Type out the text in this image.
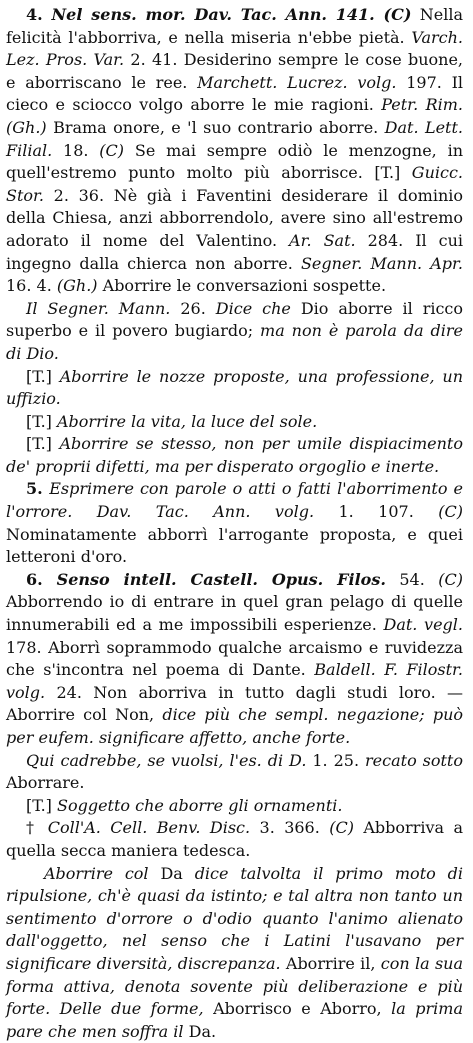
4. Nel sens. mor. Dav. Tac. Ann. 141. (C) Nella felicità l'abborriva, e nella miseria n'ebbe pietà. Varch. Lez. Pros. Var. 2. 41. Desiderino sempre le cose buone, e aborriscano le ree. Marchett. Lucrez. volg. 197. Il cieco e sciocco volgo aborre le mie ragioni. Petr. Rim. (Gh.) Brama onore, e 'l suo contrario aborre. Dat. Lett. Filial. 18. (C) Se mai sempre odiò le menzogne, in quell'estremo punto molto più aborrisce. [T.] Guicc. Stor. 2. 36. Nè già i Faventini desiderare il dominio della Chiesa, anzi abborrendolo, avere sino all'estremo adorato il nome del Valentino. Ar. Sat. 284. Il cui ingegno dalla chierca non aborre. Segner. Mann. Apr. 16. 4. (Gh.) Aborrire le conversazioni sospette.

Il Segner. Mann. 26. Dice che Dio aborre il ricco superbo e il povero bugiardo; ma non è parola da dire di Dio.

[T.] Aborrire le nozze proposte, una professione, un uffizio.

[T.] Aborrire la vita, la luce del sole.

[T.] Aborrire se stesso, non per umile dispiacimento de' proprii difetti, ma per disperato orgoglio e inerte.

5. Esprimere con parole o atti o fatti l'aborrimento e l'orrore. Dav. Tac. Ann. volg. 1. 107. (C) Nominatamente abborrì l'arrogante proposta, e quei letteroni d'oro.

6. Senso intell. Castell. Opus. Filos. 54. (C) Abborrendo io di entrare in quel gran pelago di quelle innumerabili ed a me impossibili esperienze. Dat. vegl. 178. Aborrì soprammodo qualche arcaismo e ruvidezza che s'incontra nel poema di Dante. Baldell. F. Filostr. volg. 24. Non aborriva in tutto dagli studi loro. — Aborrire col Non, dice più che sempl. negazione; può per eufem. significare affetto, anche forte.

Qui cadrebbe, se vuolsi, l'es. di D. 1. 25. recato sotto Aborrare.

[T.] Soggetto che aborre gli ornamenti.

† Coll'A. Cell. Benv. Disc. 3. 366. (C) Abborriva a quella secca maniera tedesca.

Aborrire col Da dice talvolta il primo moto di ripulsione, ch'è quasi da istinto; e tal altra non tanto un sentimento d'orrore o d'odio quanto l'animo alienato dall'oggetto, nel senso che i Latini l'usavano per significare diversità, discrepanza. Aborrire il, con la sua forma attiva, denota sovente più deliberazione e più forte. Delle due forme, Aborrisco e Aborro, la prima pare che men soffra il Da.
